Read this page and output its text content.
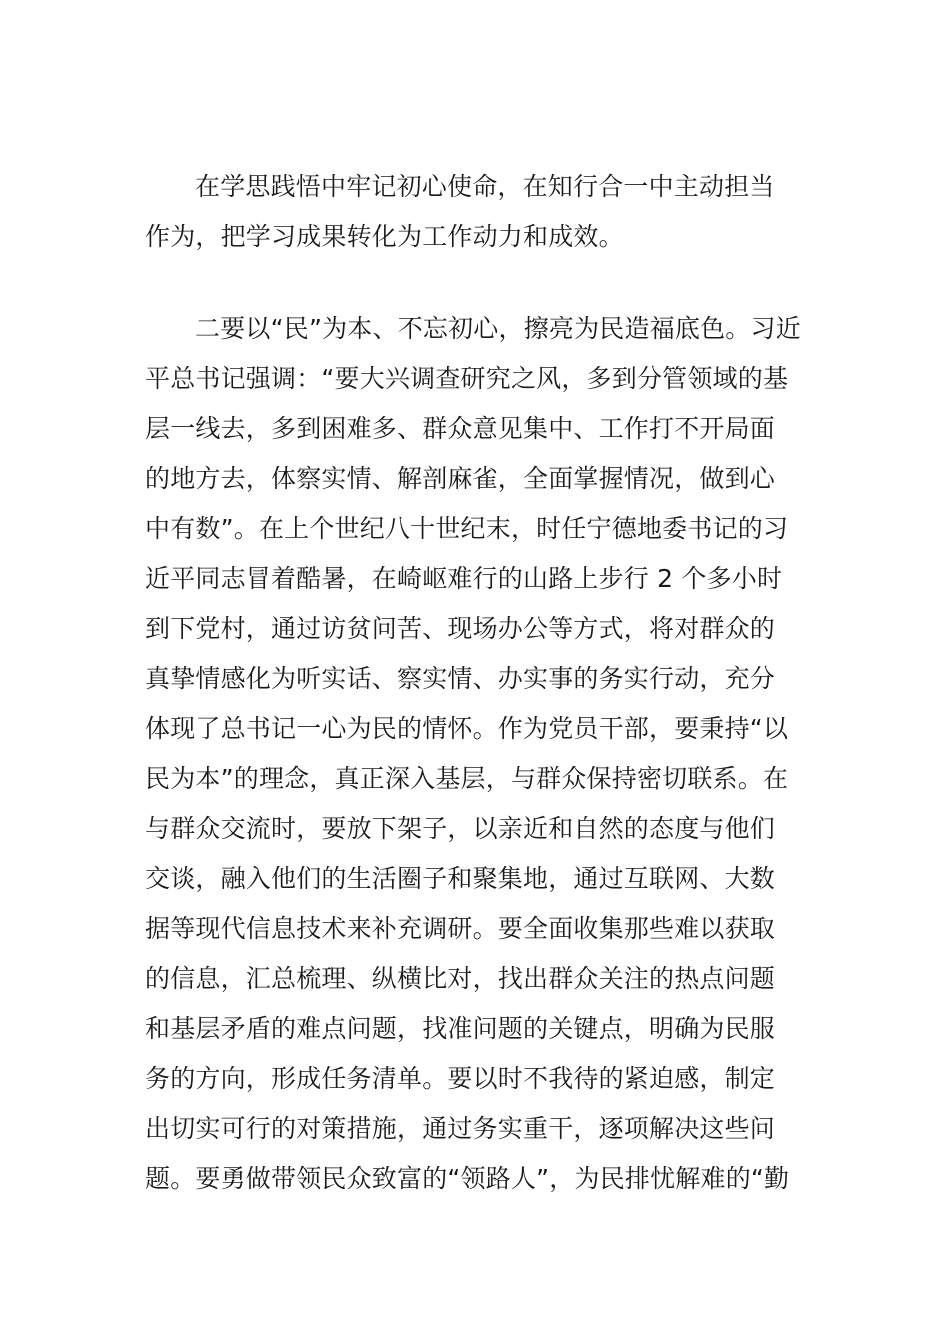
在学思践悟中牢记初心使命，在知行合一中主动担当
作为，把学习成果转化为工作动力和成效。
二要以“民”为本、不忘初心，擦亮为民造福底色。习近
平总书记强调：“要大兴调查研究之风，多到分管领域的基
层一线去，多到困难多、群众意见集中、工作打不开局面
的地方去，体察实情、解剖麻雀，全面掌握情况，做到心
中有数”。在上个世纪八十世纪末，时任宁德地委书记的习
近平同志冒着酷暑，在崎岖难行的山路上步行 2 个多小时
到下党村，通过访贫问苦、现场办公等方式，将对群众的
真挚情感化为听实话、察实情、办实事的务实行动，充分
体现了总书记一心为民的情怀。作为党员干部，要秉持“以
民为本”的理念，真正深入基层，与群众保持密切联系。在
与群众交流时，要放下架子，以亲近和自然的态度与他们
交谈，融入他们的生活圈子和聚集地，通过互联网、大数
据等现代信息技术来补充调研。要全面收集那些难以获取
的信息，汇总梳理、纵横比对，找出群众关注的热点问题
和基层矛盾的难点问题，找准问题的关键点，明确为民服
务的方向，形成任务清单。要以时不我待的紧迫感，制定
出切实可行的对策措施，通过务实重干，逐项解决这些问
题。要勇做带领民众致富的“领路人”，为民排忧解难的“勤
